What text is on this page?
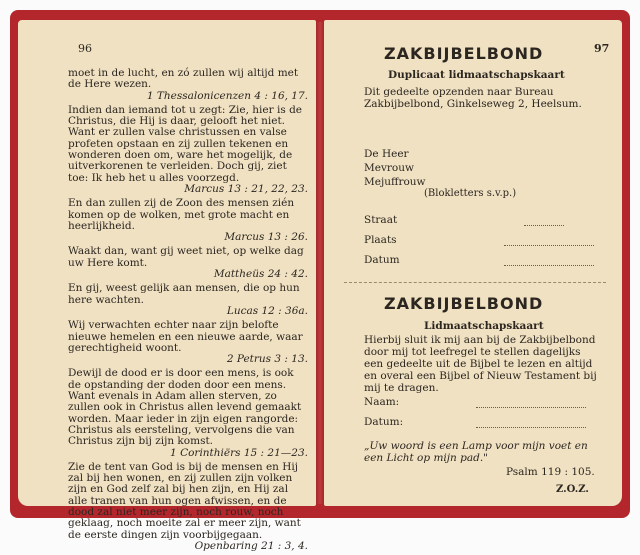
96

moet in de lucht, en zó zullen wij altijd met de Here wezen.
1 Thessalonicenzen 4 : 16, 17.

Indien dan iemand tot u zegt: Zie, hier is de Christus, die Hij is daar, gelooft het niet. Want er zullen valse christussen en valse profeten opstaan en zij zullen tekenen en wonderen doen om, ware het mogelijk, de uitverkorenen te verleiden. Doch gij, ziet toe: Ik heb het u alles voorzegd.
Marcus 13 : 21, 22, 23.

En dan zullen zij de Zoon des mensen zién komen op de wolken, met grote macht en heerlijkheid.
Marcus 13 : 26.

Waakt dan, want gij weet niet, op welke dag uw Here komt.
Mattheüs 24 : 42.

En gij, weest gelijk aan mensen, die op hun here wachten.
Lucas 12 : 36a.

Wij verwachten echter naar zijn belofte nieuwe hemelen en een nieuwe aarde, waar gerechtigheid woont.
2 Petrus 3 : 13.

Dewijl de dood er is door een mens, is ook de opstanding der doden door een mens. Want evenals in Adam allen sterven, zo zullen ook in Christus allen levend gemaakt worden. Maar ieder in zijn eigen rangorde: Christus als eersteling, vervolgens die van Christus zijn bij zijn komst.
1 Corinthiërs 15 : 21—23.

Zie de tent van God is bij de mensen en Hij zal bij hen wonen, en zij zullen zijn volken zijn en God zelf zal bij hen zijn, en Hij zal alle tranen van hun ogen afwissen, en de dood zal niet meer zijn, noch rouw, noch geklaag, noch moeite zal er meer zijn, want de eerste dingen zijn voorbijgegaan.
Openbaring 21 : 3, 4.

97
ZAKBIJBELBOND
Duplicaat lidmaatschapskaart
Dit gedeelte opzenden naar Bureau Zakbijbelbond, Ginkelseweg 2, Heelsum.
De Heer
Mevrouw
Mejuffrouw
(Blokletters s.v.p.)
Straat
Plaats
Datum
ZAKBIJBELBOND
Lidmaatschapskaart
Hierbij sluit ik mij aan bij de Zakbijbelbond door mij tot leefregel te stellen dagelijks een gedeelte uit de Bijbel te lezen en altijd en overal een Bijbel of Nieuw Testament bij mij te dragen.
Naam:
Datum:
„Uw woord is een Lamp voor mijn voet en een Licht op mijn pad."
Psalm 119 : 105.
Z.O.Z.
